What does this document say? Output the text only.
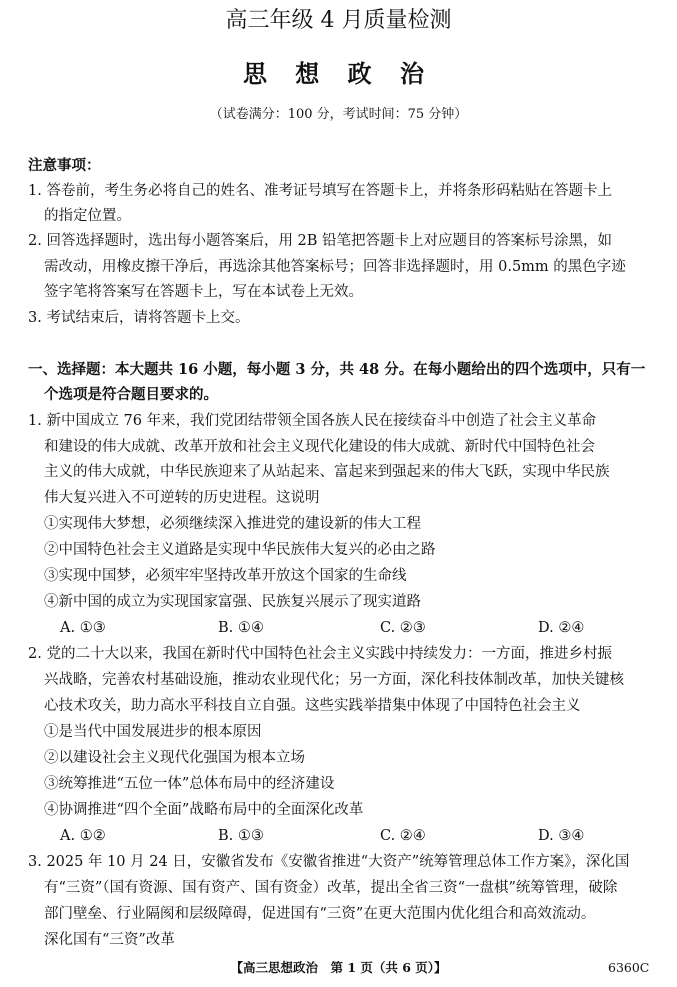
高三年级 4 月质量检测
思 想 政 治
（试卷满分：100 分，考试时间：75 分钟）
注意事项：
1. 答卷前，考生务必将自己的姓名、准考证号填写在答题卡上，并将条形码粘贴在答题卡上
的指定位置。
2. 回答选择题时，选出每小题答案后，用 2B 铅笔把答题卡上对应题目的答案标号涂黑，如
需改动，用橡皮擦干净后，再选涂其他答案标号；回答非选择题时，用 0.5mm 的黑色字迹
签字笔将答案写在答题卡上，写在本试卷上无效。
3. 考试结束后，请将答题卡上交。
一、选择题：本大题共 16 小题，每小题 3 分，共 48 分。在每小题给出的四个选项中，只有一
个选项是符合题目要求的。
1. 新中国成立 76 年来，我们党团结带领全国各族人民在接续奋斗中创造了社会主义革命
和建设的伟大成就、改革开放和社会主义现代化建设的伟大成就、新时代中国特色社会
主义的伟大成就，中华民族迎来了从站起来、富起来到强起来的伟大飞跃，实现中华民族
伟大复兴进入不可逆转的历史进程。这说明
①实现伟大梦想，必须继续深入推进党的建设新的伟大工程
②中国特色社会主义道路是实现中华民族伟大复兴的必由之路
③实现中国梦，必须牢牢坚持改革开放这个国家的生命线
④新中国的成立为实现国家富强、民族复兴展示了现实道路
A. ①③	B. ①④	C. ②③	D. ②④
2. 党的二十大以来，我国在新时代中国特色社会主义实践中持续发力：一方面，推进乡村振
兴战略，完善农村基础设施，推动农业现代化；另一方面，深化科技体制改革，加快关键核
心技术攻关，助力高水平科技自立自强。这些实践举措集中体现了中国特色社会主义
①是当代中国发展进步的根本原因
②以建设社会主义现代化强国为根本立场
③统筹推进“五位一体”总体布局中的经济建设
④协调推进“四个全面”战略布局中的全面深化改革
A. ①②	B. ①③	C. ②④	D. ③④
3. 2025 年 10 月 24 日，安徽省发布《安徽省推进“大资产”统筹管理总体工作方案》，深化国
有“三资”（国有资源、国有资产、国有资金）改革，提出全省三资“一盘棋”统筹管理，破除
部门壁垒、行业隔阂和层级障碍，促进国有“三资”在更大范围内优化组合和高效流动。
深化国有“三资”改革
【高三思想政治　第 1 页（共 6 页）】	6360C
